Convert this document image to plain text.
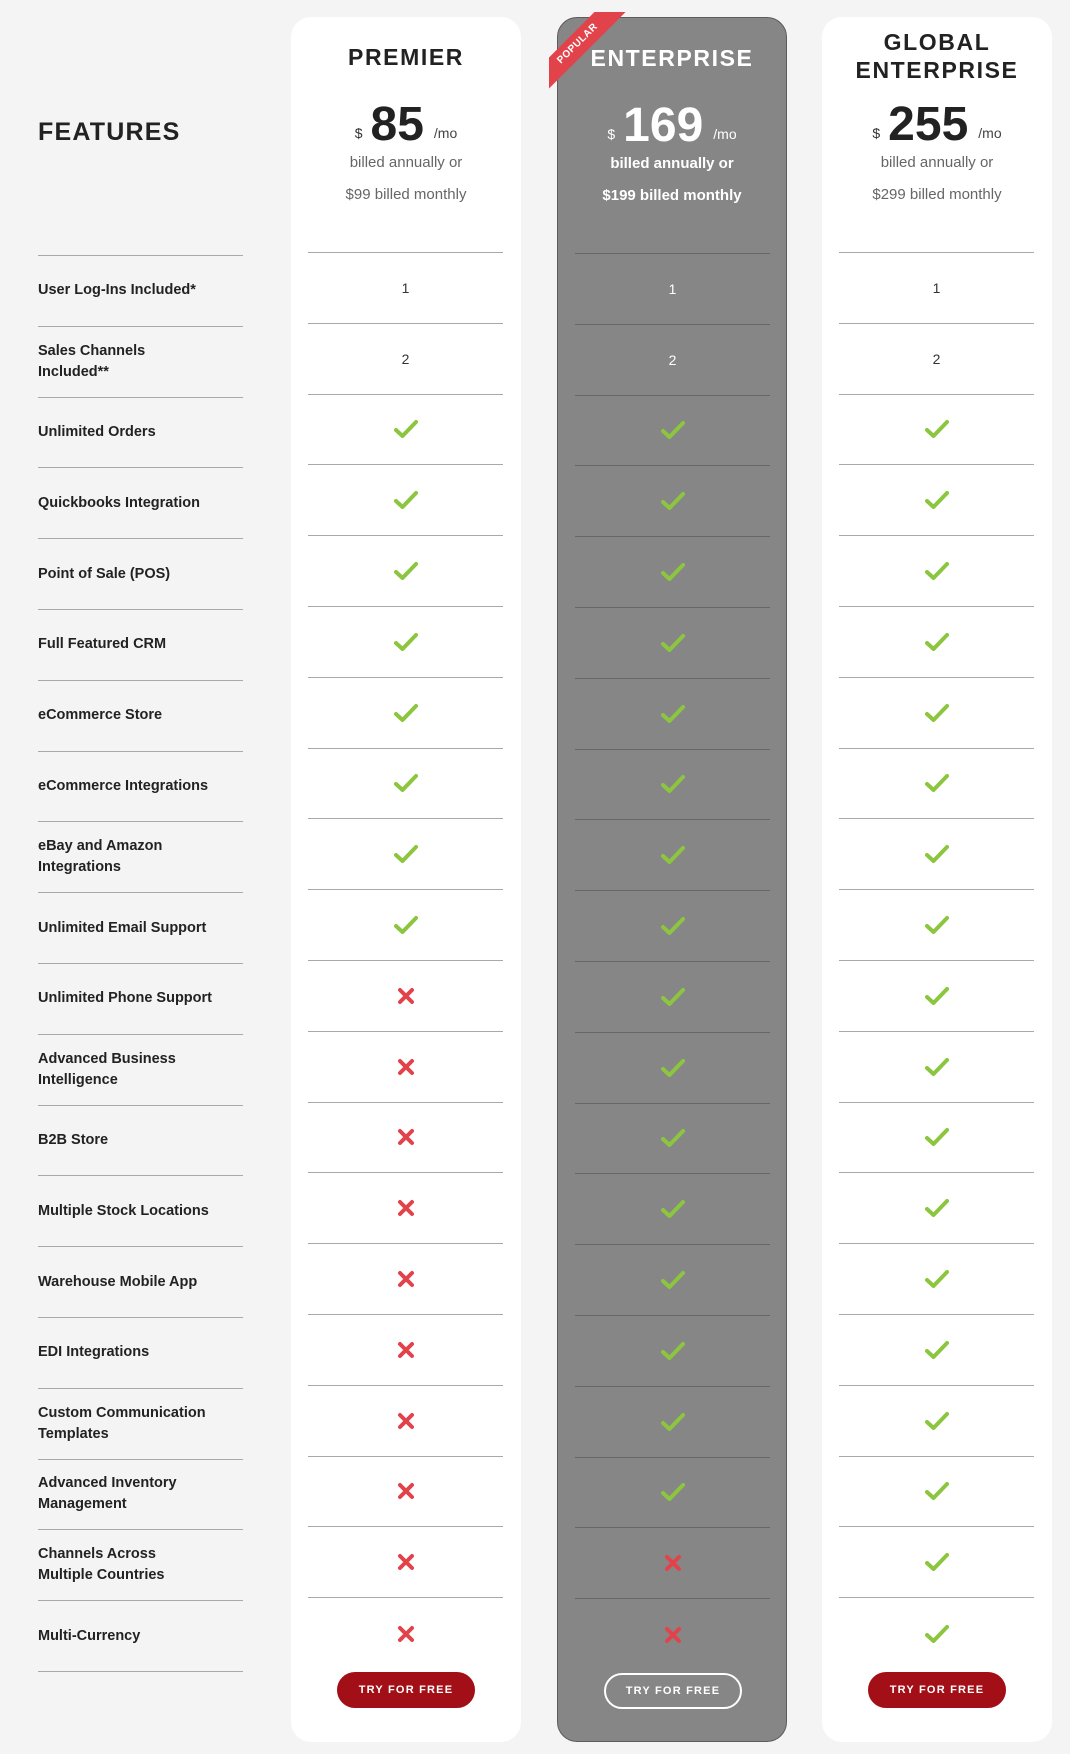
FEATURES
User Log-Ins Included*
Sales Channels Included**
Unlimited Orders
Quickbooks Integration
Point of Sale (POS)
Full Featured CRM
eCommerce Store
eCommerce Integrations
eBay and Amazon Integrations
Unlimited Email Support
Unlimited Phone Support
Advanced Business Intelligence
B2B Store
Multiple Stock Locations
Warehouse Mobile App
EDI Integrations
Custom Communication Templates
Advanced Inventory Management
Channels Across Multiple Countries
Multi-Currency
PREMIER
$ 85 /mo
billed annually or
$99 billed monthly
1
2
TRY FOR FREE
POPULAR
ENTERPRISE
$ 169 /mo
billed annually or
$199 billed monthly
1
2
TRY FOR FREE
GLOBAL
ENTERPRISE
$ 255 /mo
billed annually or
$299 billed monthly
1
2
TRY FOR FREE
